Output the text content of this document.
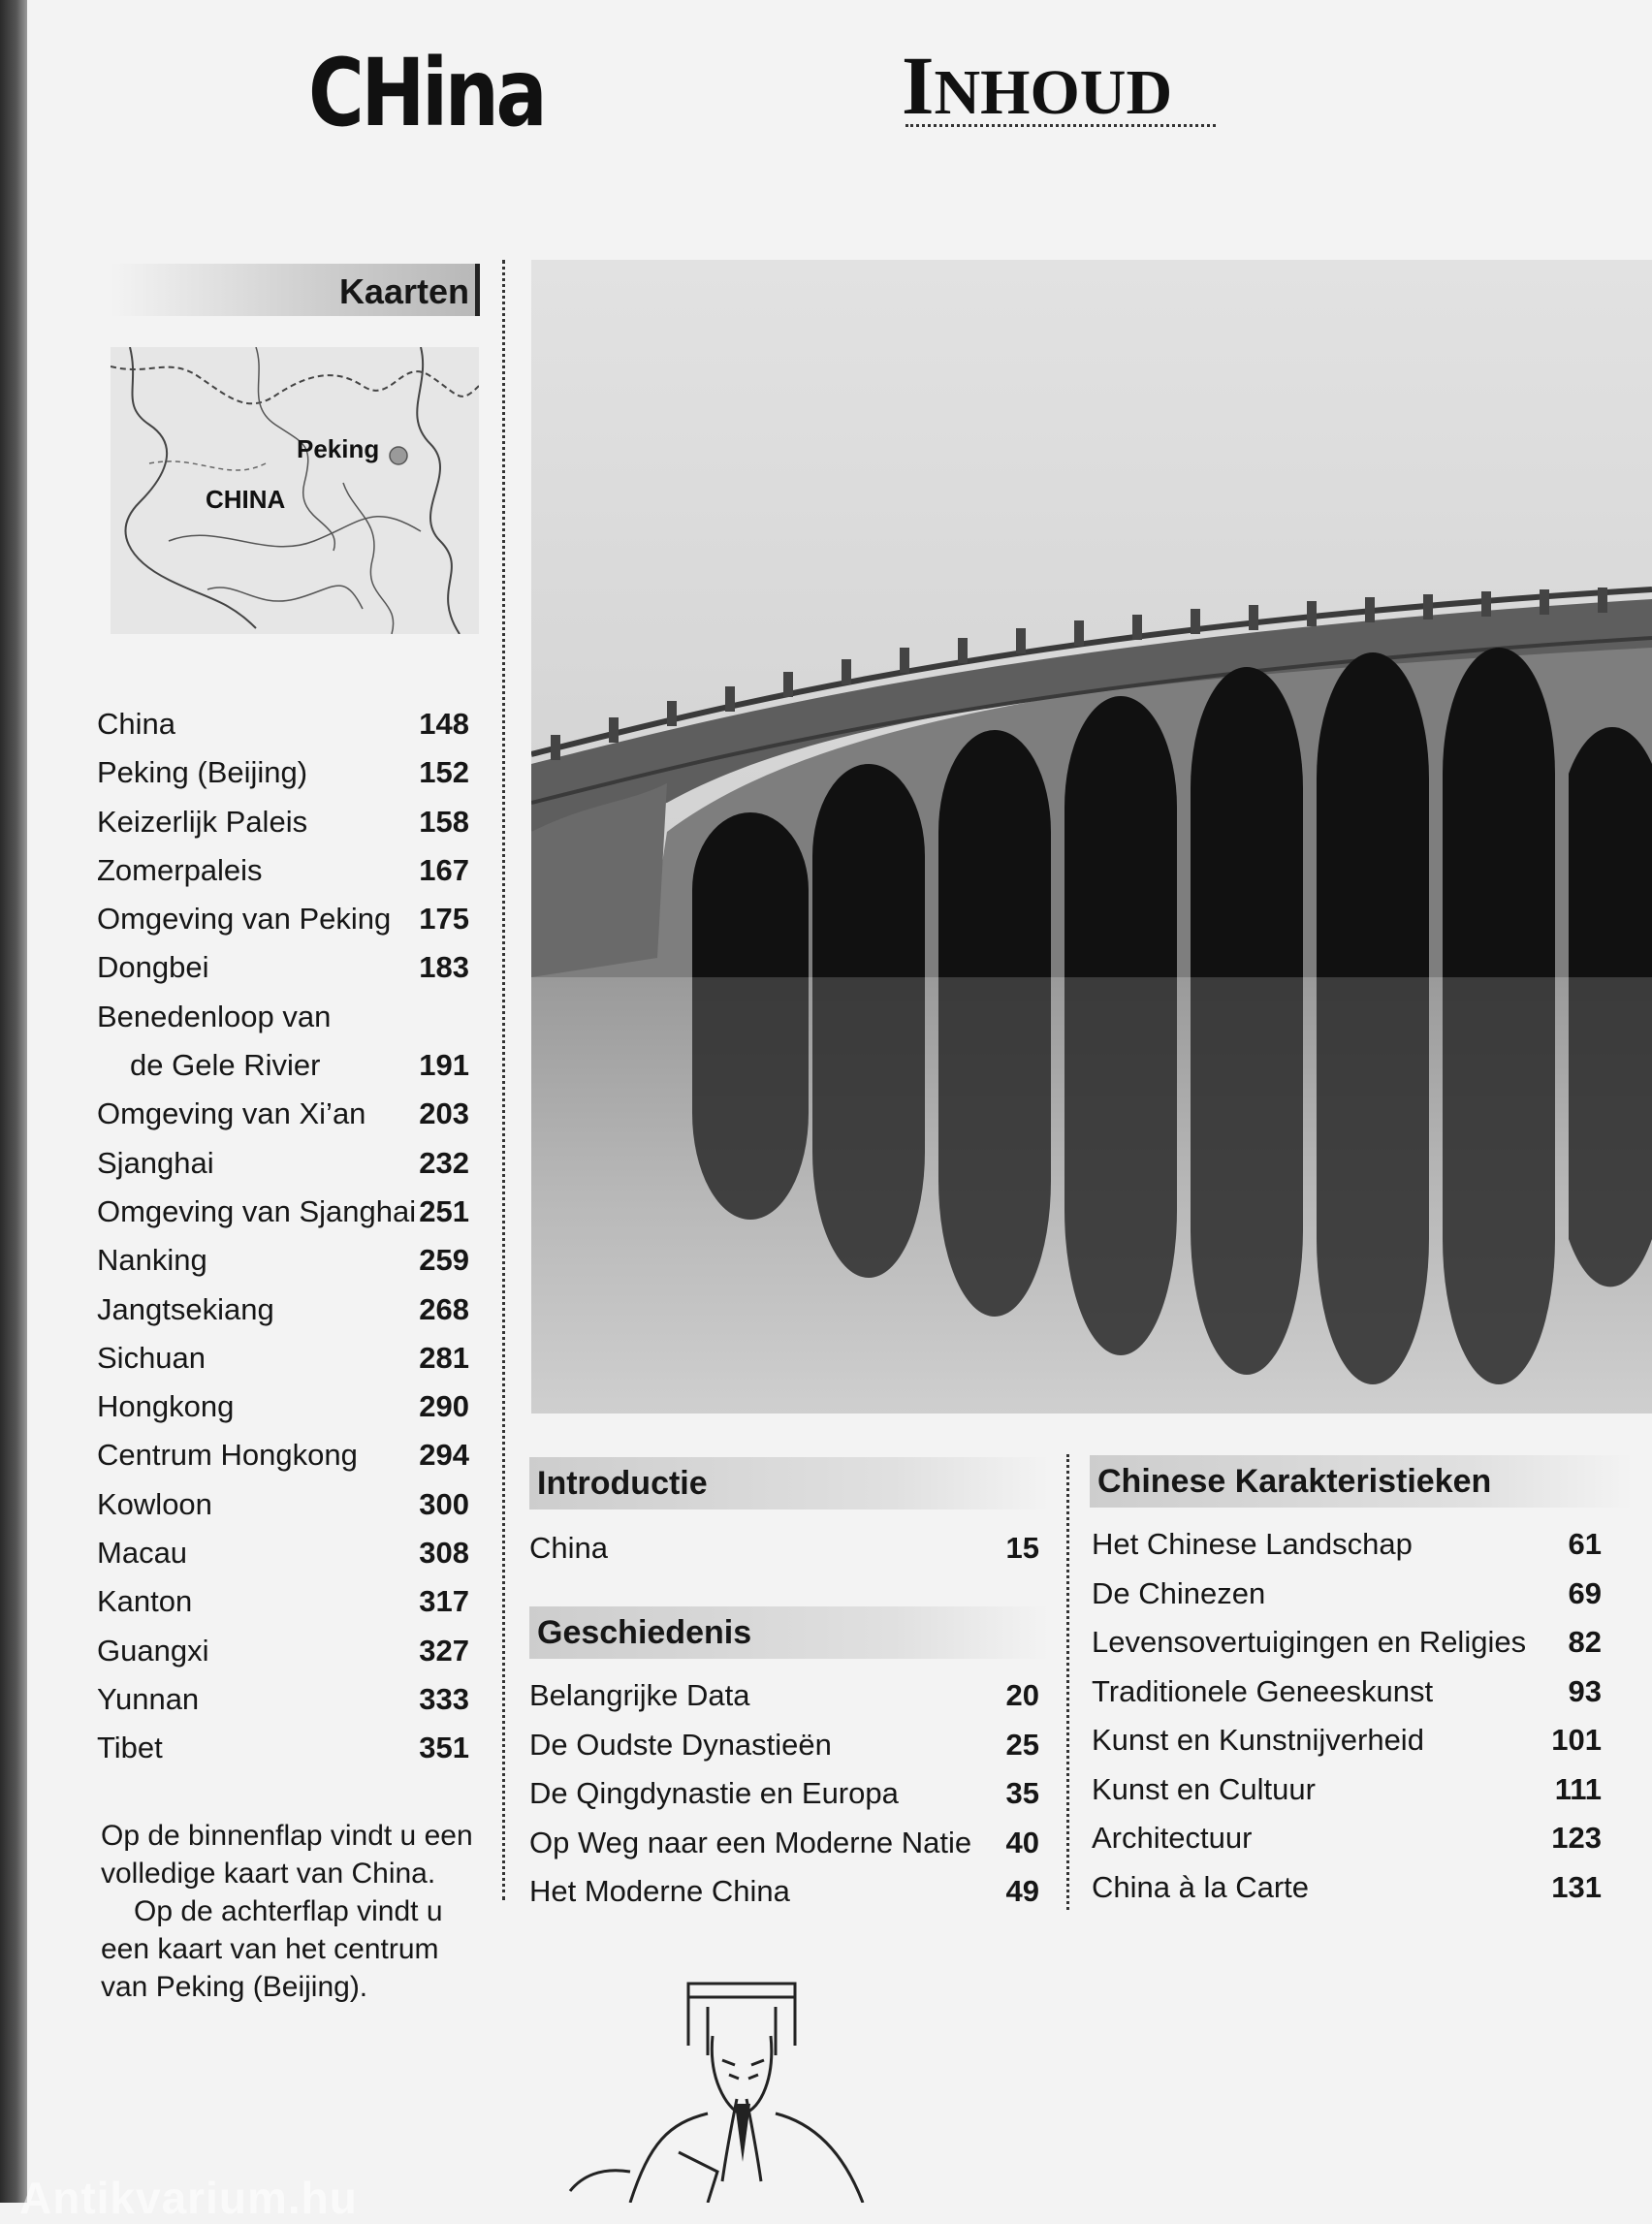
CHina	INHOUD
Kaarten
Peking
CHINA
China	148
Peking (Beijing)	152
Keizerlijk Paleis	158
Zomerpaleis	167
Omgeving van Peking 175
Dongbei	183
Benedenloop van
de Gele Rivier	191
Omgeving van Xi’an 203
Sjanghai	232
Omgeving van Sjanghai 251
Nanking	259
Jangtsekiang	268
Sichuan	281
Hongkong	290
Centrum Hongkong 294
Kowloon	300
Macau	308
Kanton	317
Guangxi	327
Yunnan	333
Tibet	351

Op de binnenflap vindt u een volledige kaart van China.

Op de achterflap vindt u een kaart van het centrum van Peking (Beijing).

Introductie
China	15
Geschiedenis
Belangrijke Data	20
De Oudste Dynastieën	25
De Qingdynastie en Europa	35
Op Weg naar een Moderne Natie 40
Het Moderne China	49
Chinese Karakteristieken
Het Chinese Landschap	61
De Chinezen	69
Levensovertuigingen en Religies 82
Traditionele Geneeskunst	93
Kunst en Kunstnijverheid	101
Kunst en Cultuur	111
Architectuur	123
China à la Carte	131
Antikvarium.hu
